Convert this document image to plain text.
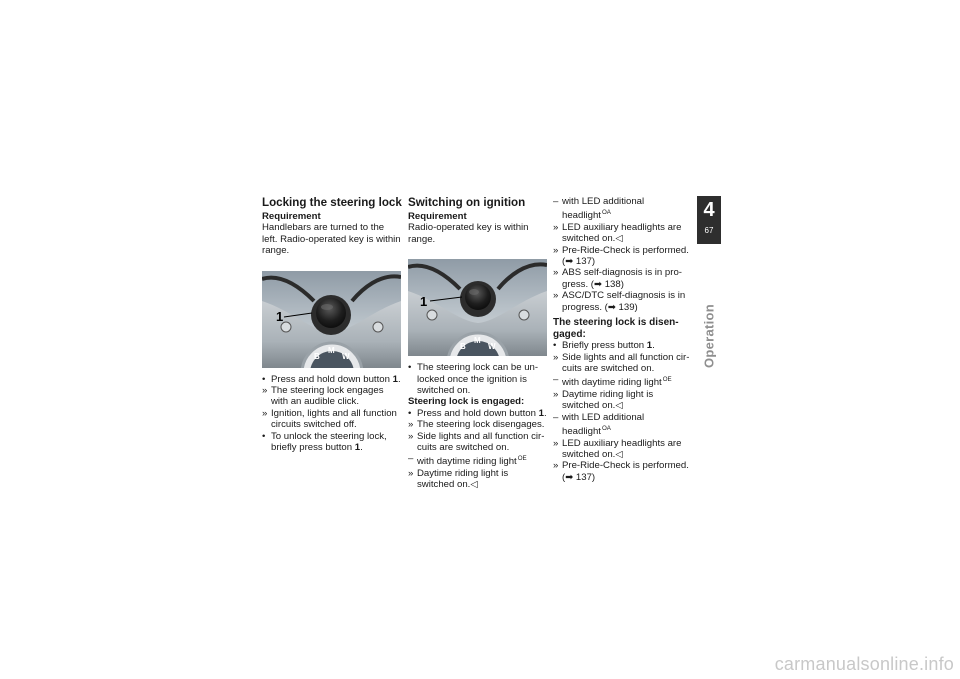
Locking the steering lock
Requirement

Handlebars are turned to the left. Radio-operated key is within range.

B
M
W
1
• Press and hold down button 1.
» The steering lock engages with an audible click.
» Ignition, lights and all function circuits switched off.
• To unlock the steering lock, briefly press button 1.
Switching on ignition
Requirement

Radio-operated key is within range.

B
M
W
1
• The steering lock can be unlocked once the ignition is switched on.
Steering lock is engaged:
• Press and hold down button 1.
» The steering lock disengages.
» Side lights and all function circuits are switched on.
– with daytime riding light$^{OE}$
» Daytime riding light is switched on.◁
– with LED additional headlight$^{OA}$
» LED auxiliary headlights are switched on.◁
» Pre-Ride-Check is performed. (➡ 137)
» ABS self-diagnosis is in progress. (➡ 138)
» ASC/DTC self-diagnosis is in progress. (➡ 139)
The steering lock is disengaged:
• Briefly press button 1.
» Side lights and all function circuits are switched on.
– with daytime riding light$^{OE}$
» Daytime riding light is switched on.◁
– with LED additional headlight$^{OA}$
» LED auxiliary headlights are switched on.◁
» Pre-Ride-Check is performed. (➡ 137)
4
67
Operation
carmanualsonline.info
